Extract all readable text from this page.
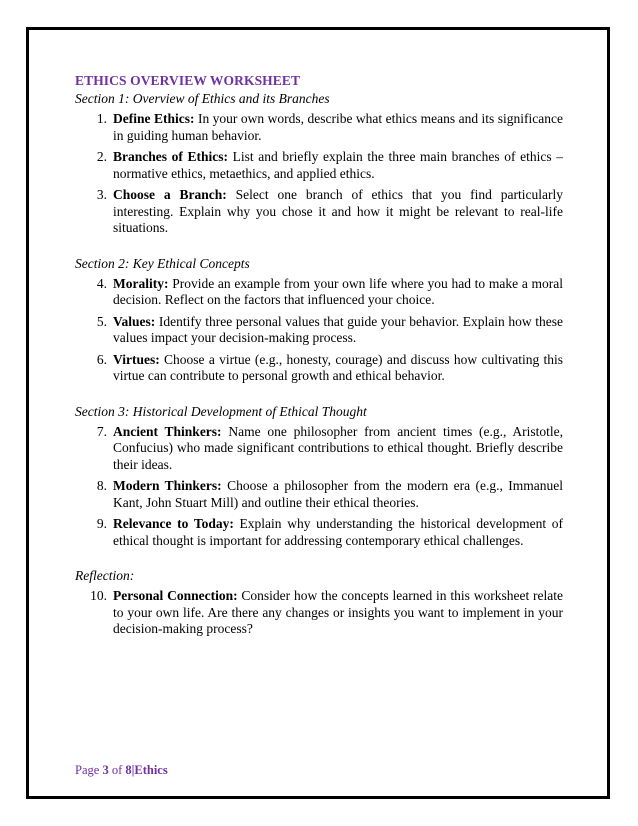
ETHICS OVERVIEW WORKSHEET
Section 1: Overview of Ethics and its Branches
1. Define Ethics: In your own words, describe what ethics means and its significance in guiding human behavior.
2. Branches of Ethics: List and briefly explain the three main branches of ethics – normative ethics, metaethics, and applied ethics.
3. Choose a Branch: Select one branch of ethics that you find particularly interesting. Explain why you chose it and how it might be relevant to real-life situations.
Section 2: Key Ethical Concepts
4. Morality: Provide an example from your own life where you had to make a moral decision. Reflect on the factors that influenced your choice.
5. Values: Identify three personal values that guide your behavior. Explain how these values impact your decision-making process.
6. Virtues: Choose a virtue (e.g., honesty, courage) and discuss how cultivating this virtue can contribute to personal growth and ethical behavior.
Section 3: Historical Development of Ethical Thought
7. Ancient Thinkers: Name one philosopher from ancient times (e.g., Aristotle, Confucius) who made significant contributions to ethical thought. Briefly describe their ideas.
8. Modern Thinkers: Choose a philosopher from the modern era (e.g., Immanuel Kant, John Stuart Mill) and outline their ethical theories.
9. Relevance to Today: Explain why understanding the historical development of ethical thought is important for addressing contemporary ethical challenges.
Reflection:
10. Personal Connection: Consider how the concepts learned in this worksheet relate to your own life. Are there any changes or insights you want to implement in your decision-making process?
Page 3 of 8|Ethics
